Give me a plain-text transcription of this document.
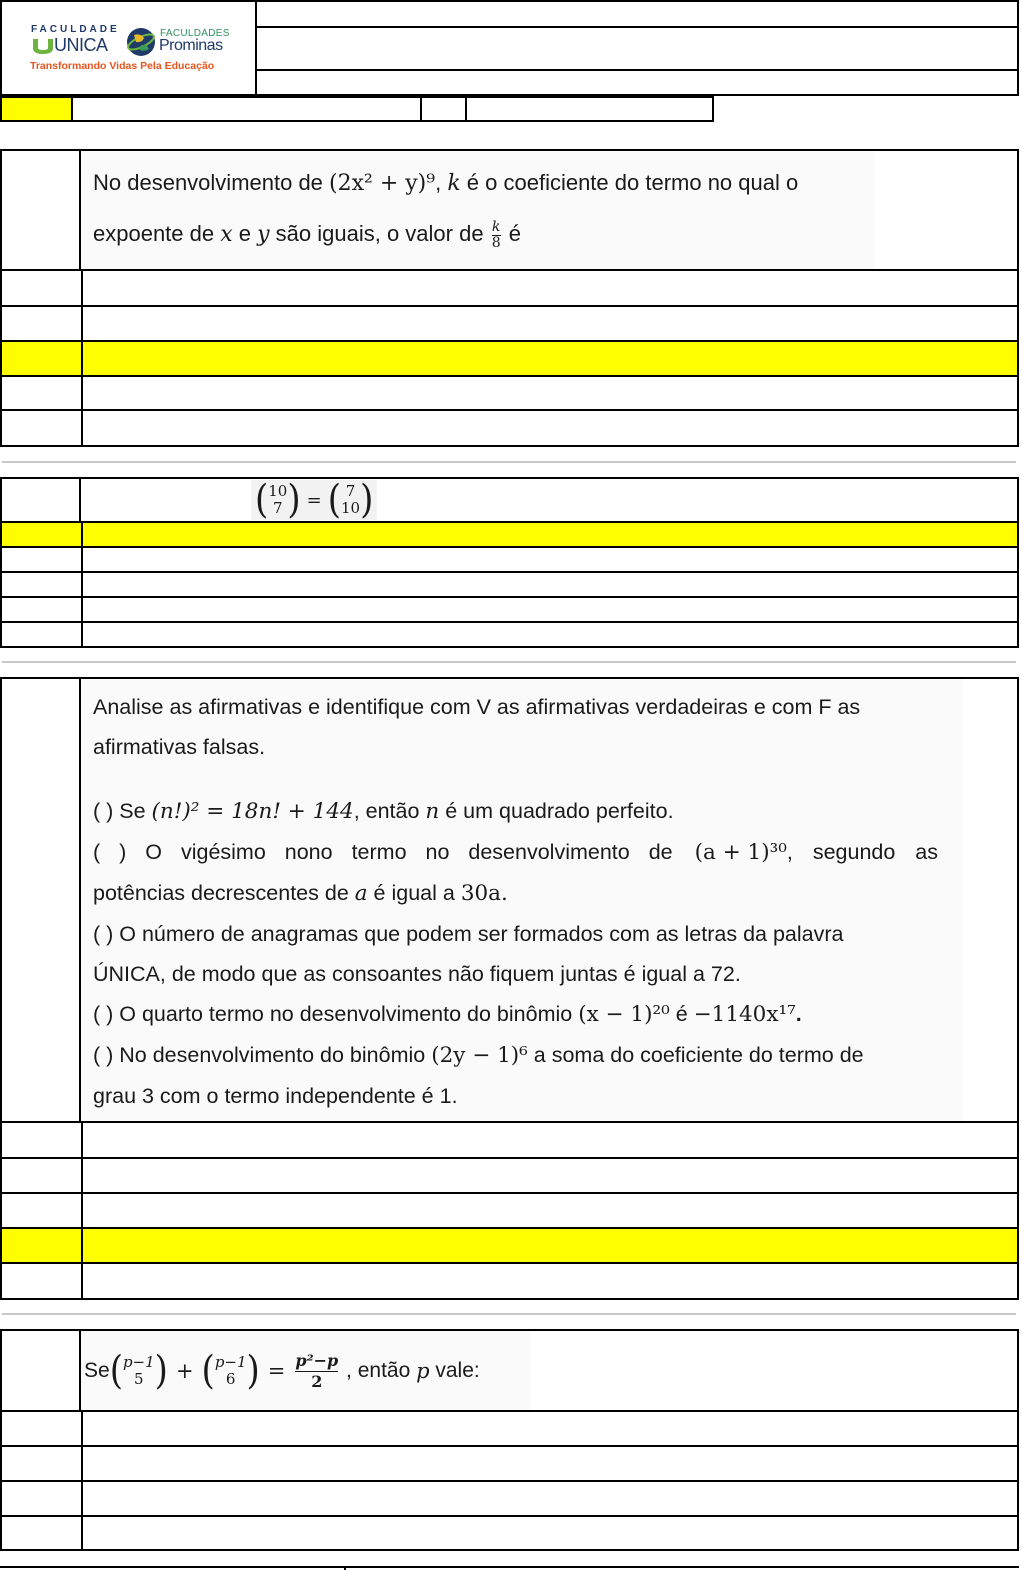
FACULDADE
UNICA
FACULDADES
Prominas
Transformando Vidas Pela Educação
No desenvolvimento de (2x² + y)⁹, k é o coeficiente do termo no qual o
expoente de x e y são iguais, o valor de $\frac{k}{8}$ é
( 10
7 ) = ( 7
10 )
Analise as afirmativas e identifique com V as afirmativas verdadeiras e com F as
afirmativas falsas.
( ) Se (n!)² = 18n! + 144, então n é um quadrado perfeito.
( ) O vigésimo nono termo no desenvolvimento de (a + 1)³⁰, segundo as
potências decrescentes de a é igual a 30a.
( ) O número de anagramas que podem ser formados com as letras da palavra
ÚNICA, de modo que as consoantes não fiquem juntas é igual a 72.
( ) O quarto termo no desenvolvimento do binômio (x − 1)²⁰ é −1140x¹⁷.
( ) No desenvolvimento do binômio (2y − 1)⁶ a soma do coeficiente do termo de
grau 3 com o termo independente é 1.
Se ( p−1
5 ) + ( p−1
6 ) = $\frac{\text{p²−p}}{2}$ , então p vale:
